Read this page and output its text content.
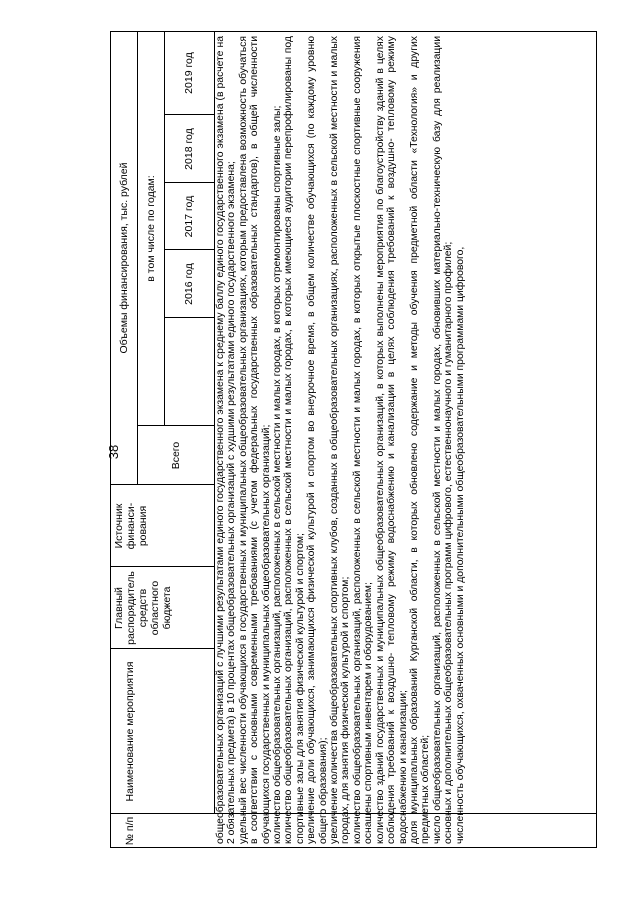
38
№ п/п
Наименование мероприятия
Главный распорядитель средств областного бюджета
Источник финанси-рования
Объемы финансирования, тыс. рублей
Всего
в том числе по годам:
2016 год
2017 год
2018 год
2019 год	общеобразовательных организаций с лучшими результатами единого государственного экзамена к среднему баллу единого государственного экзамена (в расчете на 2 обязательных предмета) в 10 процентах общеобразовательных организаций с худшими результатами единого государственного экзамена; удельный вес численности обучающихся в государственных и муниципальных общеобразовательных организациях, которым предоставлена возможность обучаться в соответствии с основными современными требованиями (с учетом федеральных государственных образовательных стандартов), в общей численности обучающихся государственных и муниципальных общеобразовательных организаций; количество общеобразовательных организаций, расположенных в сельской местности и малых городах, в которых отремонтированы спортивные залы; количество общеобразовательных организаций, расположенных в сельской местности и малых городах, в которых имеющиеся аудитории перепрофилированы под спортивные залы для занятия физической культурой и спортом; увеличение доли обучающихся, занимающихся физической культурой и спортом во внеурочное время, в общем количестве обучающихся (по каждому уровню общего образования); увеличение количества общеобразовательных спортивных клубов, созданных в общеобразовательных организациях, расположенных в сельской местности и малых городах, для занятия физической культурой и спортом; количество общеобразовательных организаций, расположенных в сельской местности и малых городах, в которых открытые плоскостные спортивные сооружения оснащены спортивным инвентарем и оборудованием; количество зданий государственных и муниципальных общеобразовательных организаций, в которых выполнены мероприятия по благоустройству зданий в целях соблюдения требований к воздушно- тепловому режиму водоснабжению и канализации в целях соблюдения требований к воздушно- тепловому режиму водоснабжению и канализации; доля муниципальных образований Курганской области, в которых обновлено содержание и методы обучения предметной области «Технология» и других предметных областей; число общеобразовательных организаций, расположенных в сельской местности и малых городах, обновивших материально-техническую базу для реализации основных и дополнительных общеобразовательных программ цифрового, естественнонаучного и гуманитарного профилей; численность обучающихся, охваченных основными и дополнительными общеобразовательными программами цифрового,
